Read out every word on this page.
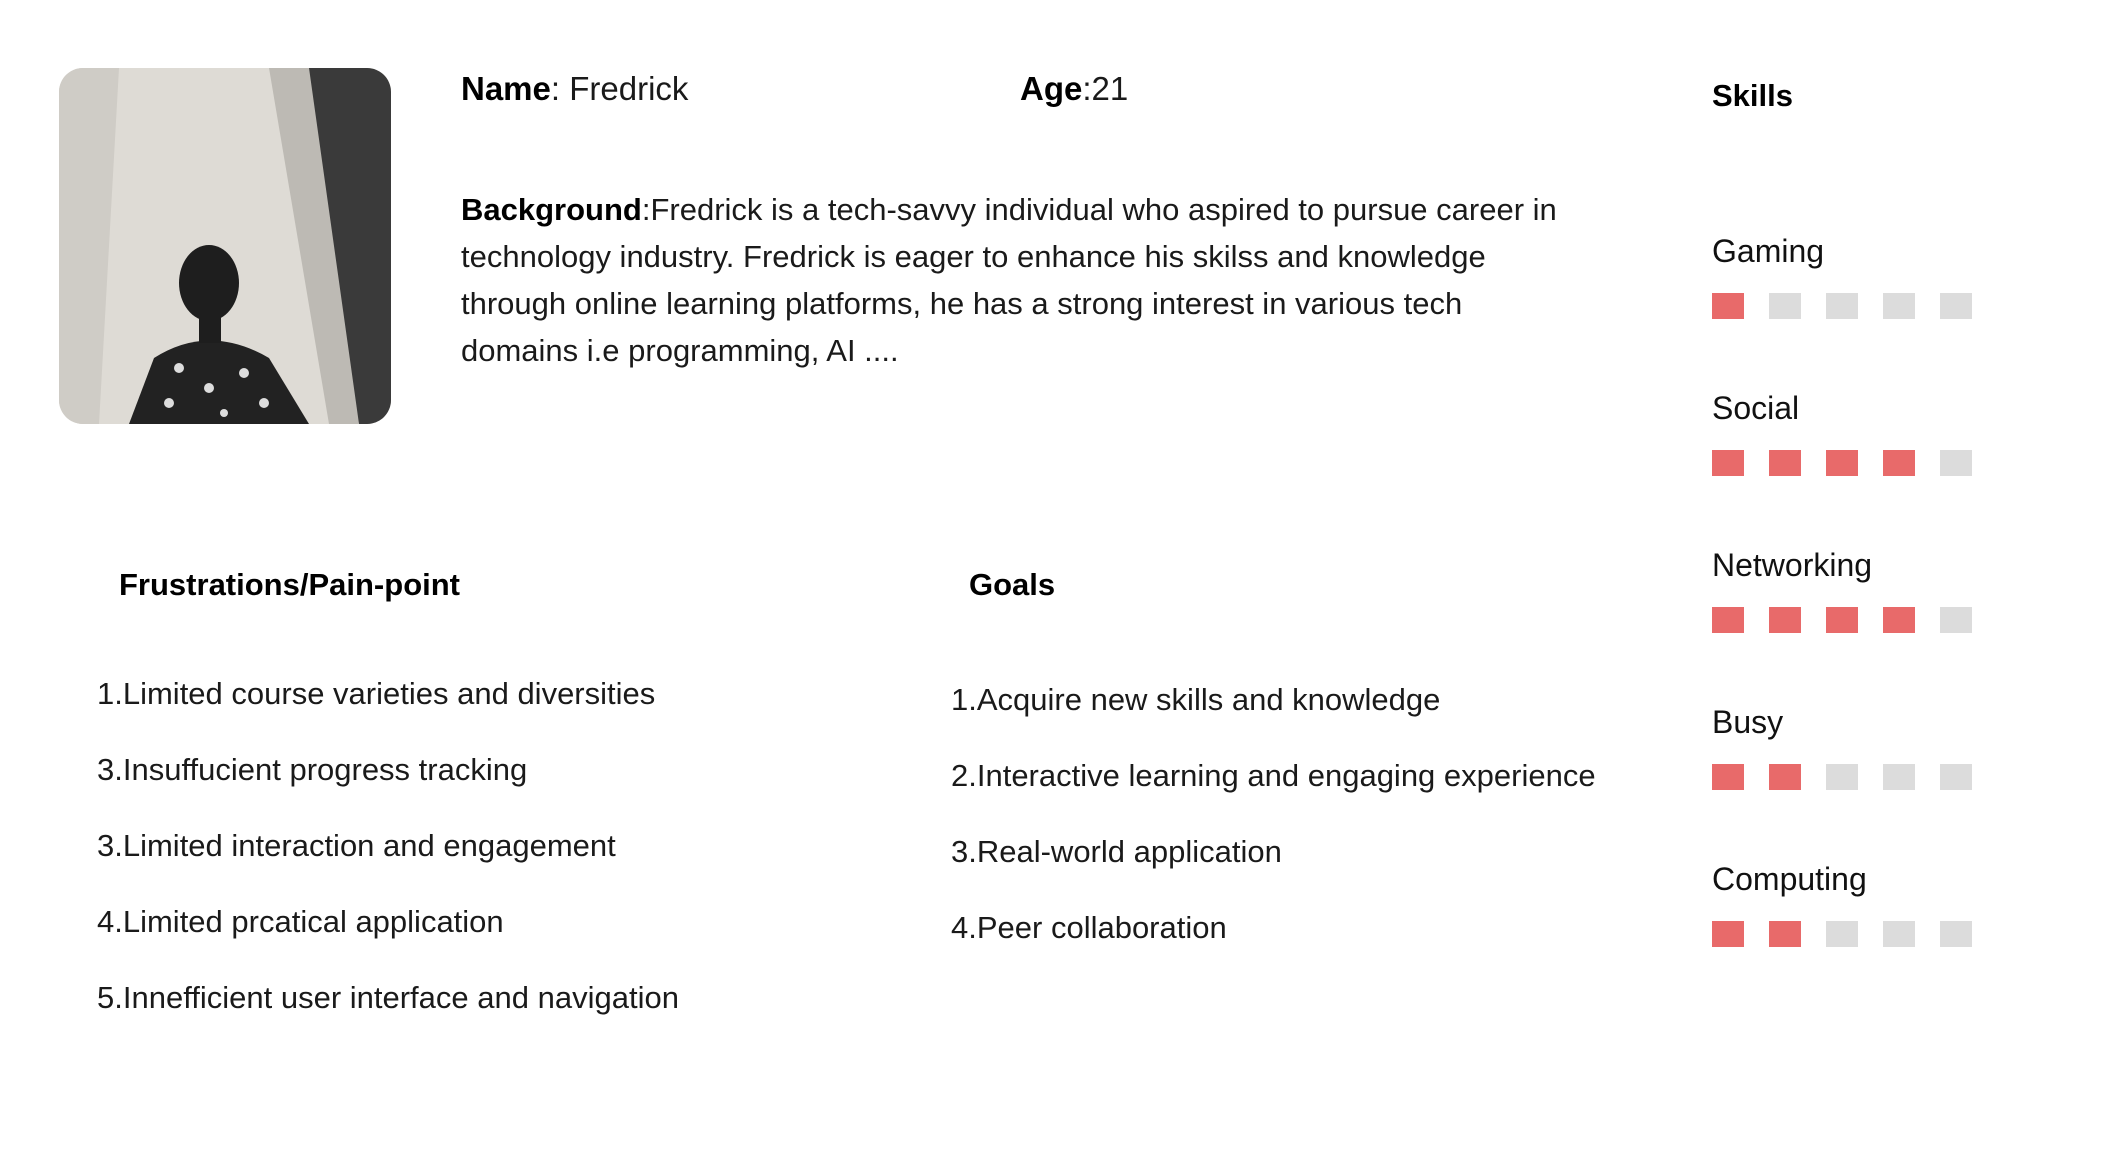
Name: Fredrick	Age:21
Background:Fredrick is a tech-savvy individual who aspired to pursue career in technology industry. Fredrick is eager to enhance his skilss and knowledge through online learning platforms, he has a strong interest in various tech domains i.e programming, AI ....
Frustrations/Pain-point
1.Limited course varieties and diversities
3.Insuffucient progress tracking
3.Limited interaction and engagement
4.Limited prcatical application
5.Innefficient user interface and navigation
Goals
1.Acquire new skills and knowledge
2.Interactive learning and engaging experience
3.Real-world application
4.Peer collaboration
Skills
Gaming
Social
Networking
Busy
Computing
